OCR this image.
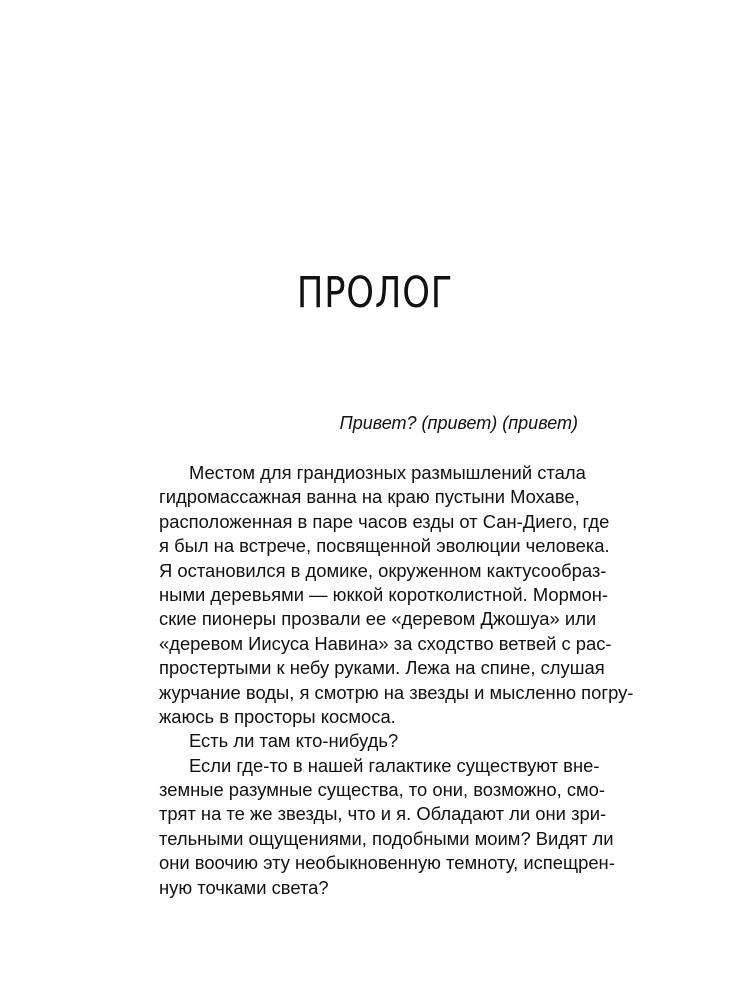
ПРОЛОГ
Привет? (привет) (привет)
Местом для грандиозных размышлений стала
гидромассажная ванна на краю пустыни Мохаве,
расположенная в паре часов езды от Сан-Диего, где
я был на встрече, посвященной эволюции человека.
Я остановился в домике, окруженном кактусообраз-
ными деревьями — юккой коротколистной. Мормон-
ские пионеры прозвали ее «деревом Джошуа» или
«деревом Иисуса Навина» за сходство ветвей с рас-
простертыми к небу руками. Лежа на спине, слушая
журчание воды, я смотрю на звезды и мысленно погру-
жаюсь в просторы космоса.
Есть ли там кто-нибудь?
Если где-то в нашей галактике существуют вне-
земные разумные существа, то они, возможно, смо-
трят на те же звезды, что и я. Обладают ли они зри-
тельными ощущениями, подобными моим? Видят ли
они воочию эту необыкновенную темноту, испещрен-
ную точками света?
